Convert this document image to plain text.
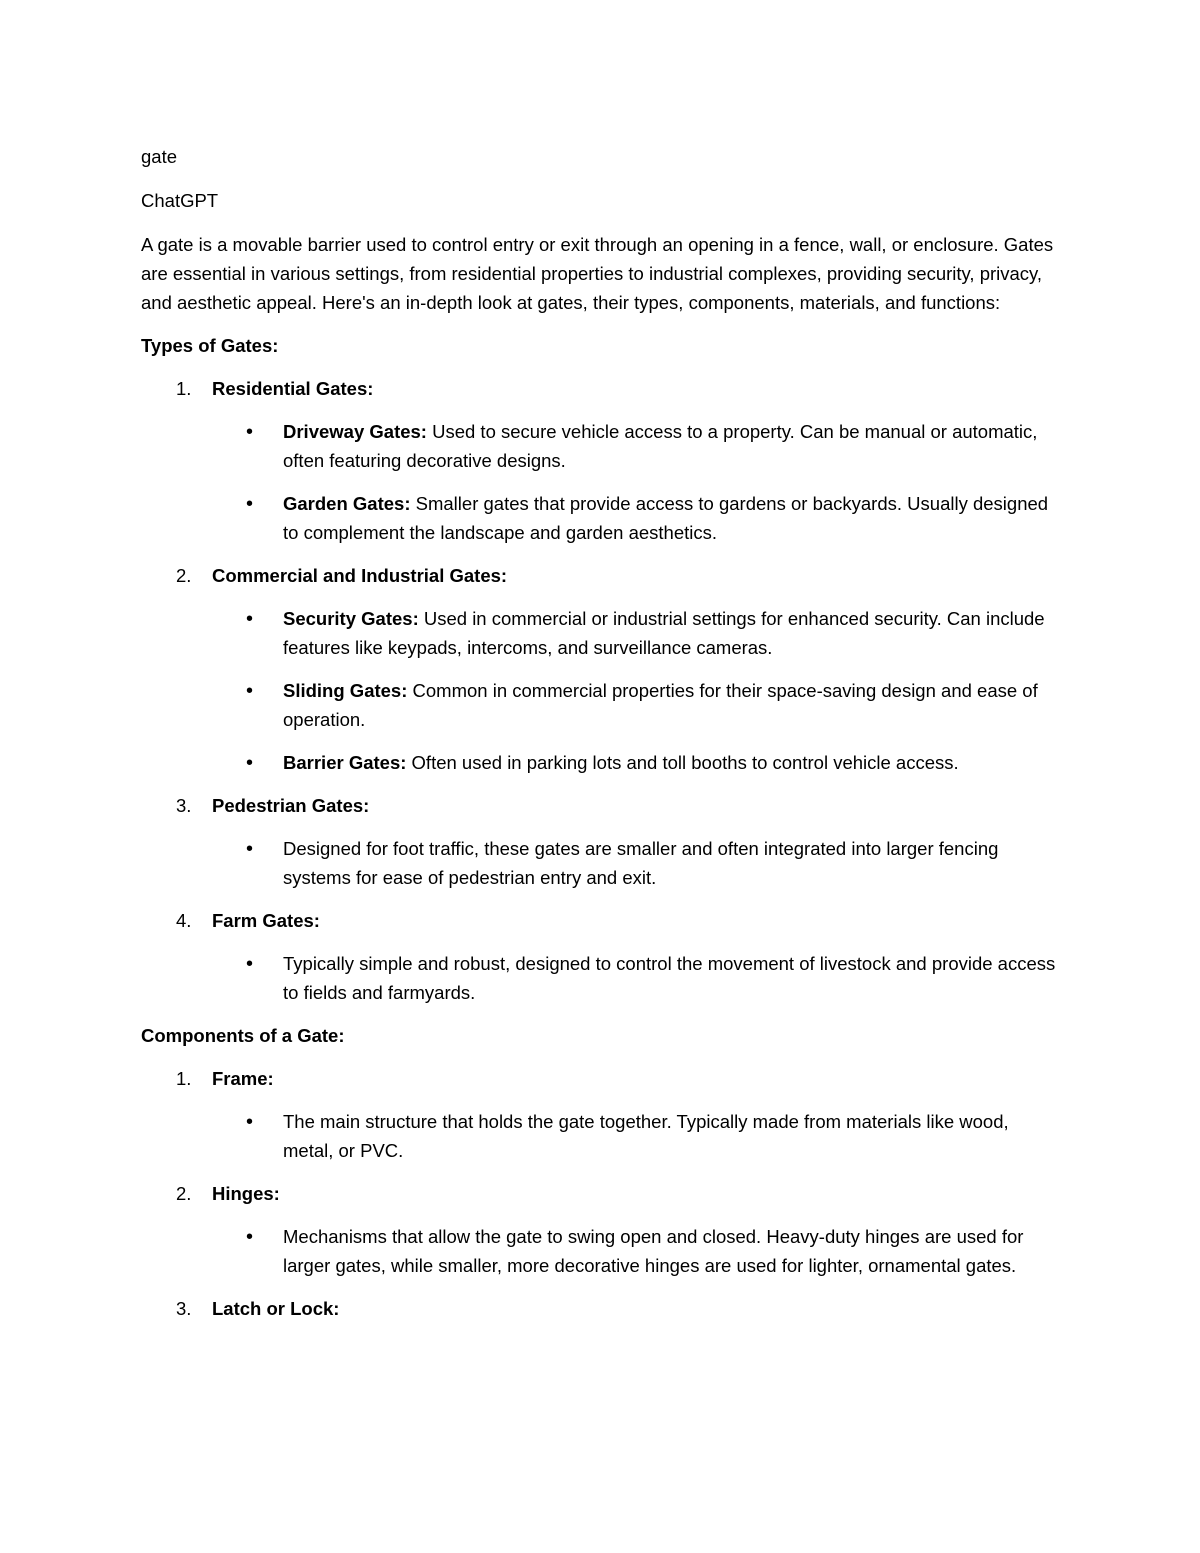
gate

ChatGPT

A gate is a movable barrier used to control entry or exit through an opening in a fence, wall, or enclosure. Gates are essential in various settings, from residential properties to industrial complexes, providing security, privacy, and aesthetic appeal. Here's an in-depth look at gates, their types, components, materials, and functions:

Types of Gates:

1. Residential Gates:
•
Driveway Gates: Used to secure vehicle access to a property. Can be manual or automatic, often featuring decorative designs.
•
Garden Gates: Smaller gates that provide access to gardens or backyards. Usually designed to complement the landscape and garden aesthetics.
2. Commercial and Industrial Gates:
•
Security Gates: Used in commercial or industrial settings for enhanced security. Can include features like keypads, intercoms, and surveillance cameras.
•
Sliding Gates: Common in commercial properties for their space-saving design and ease of operation.
•
Barrier Gates: Often used in parking lots and toll booths to control vehicle access.
3. Pedestrian Gates:
•
Designed for foot traffic, these gates are smaller and often integrated into larger fencing systems for ease of pedestrian entry and exit.
4. Farm Gates:
•
Typically simple and robust, designed to control the movement of livestock and provide access to fields and farmyards.

Components of a Gate:

1. Frame:
•
The main structure that holds the gate together. Typically made from materials like wood, metal, or PVC.
2. Hinges:
•
Mechanisms that allow the gate to swing open and closed. Heavy-duty hinges are used for larger gates, while smaller, more decorative hinges are used for lighter, ornamental gates.
3. Latch or Lock:
